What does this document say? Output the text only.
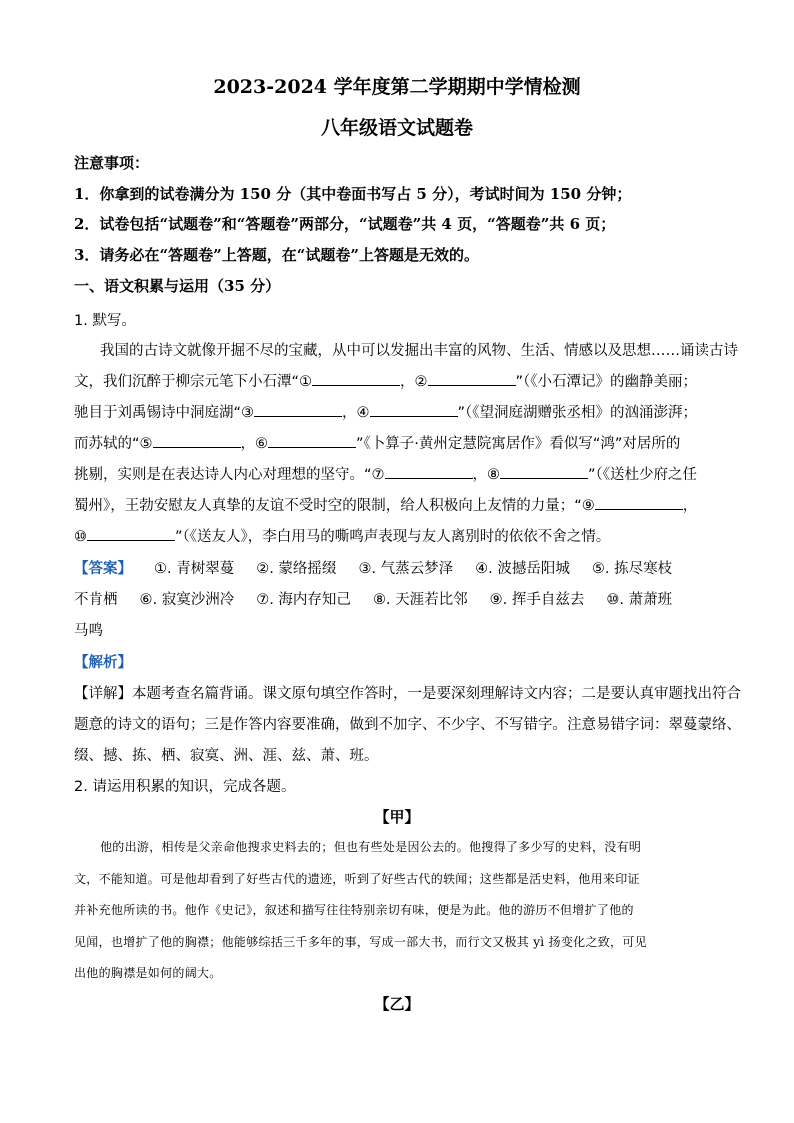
2023-2024 学年度第二学期期中学情检测
八年级语文试题卷
注意事项：
1．你拿到的试卷满分为 150 分（其中卷面书写占 5 分），考试时间为 150 分钟；
2．试卷包括“试题卷”和“答题卷”两部分，“试题卷”共 4 页，“答题卷”共 6 页；
3．请务必在“答题卷”上答题，在“试题卷”上答题是无效的。
一、语文积累与运用（35 分）
1. 默写。
我国的古诗文就像开掘不尽的宝藏，从中可以发掘出丰富的风物、生活、情感以及思想……诵读古诗
文，我们沉醉于柳宗元笔下小石潭“①	，②	”（《小石潭记》的幽静美丽；
驰目于刘禹锡诗中洞庭湖“③	，④	”（《望洞庭湖赠张丞相》的汹涌澎湃；
而苏轼的“⑤	，⑥	”《卜算子·黄州定慧院寓居作》看似写“鸿”对居所的
挑剔，实则是在表达诗人内心对理想的坚守。“⑦	，⑧	”（《送杜少府之任
蜀州》，王勃安慰友人真挚的友谊不受时空的限制，给人积极向上友情的力量；“⑨	，
⑩	”（《送友人》，李白用马的嘶鸣声表现与友人离别时的依依不舍之情。
【答案】 ①. 青树翠蔓 ②. 蒙络摇缀 ③. 气蒸云梦泽 ④. 波撼岳阳城 ⑤. 拣尽寒枝
不肯栖 ⑥. 寂寞沙洲冷 ⑦. 海内存知己 ⑧. 天涯若比邻 ⑨. 挥手自兹去 ⑩. 萧萧班
马鸣
【解析】
【详解】本题考查名篇背诵。课文原句填空作答时，一是要深刻理解诗文内容；二是要认真审题找出符合
题意的诗文的语句；三是作答内容要准确，做到不加字、不少字、不写错字。注意易错字词：翠蔓蒙络、
缀、撼、拣、栖、寂寞、洲、涯、兹、萧、班。
2. 请运用积累的知识，完成各题。
【甲】
他的出游，相传是父亲命他搜求史料去的；但也有些处是因公去的。他搜得了多少写的史料，没有明
文，不能知道。可是他却看到了好些古代的遗迹，听到了好些古代的轶闻；这些都是活史料，他用来印证
并补充他所读的书。他作《史记》，叙述和描写往往特别亲切有味，便是为此。他的游历不但增扩了他的
见闻，也增扩了他的胸襟；他能够综括三千多年的事，写成一部大书，而行文又极其 yì 扬变化之致，可见
出他的胸襟是如何的阔大。
【乙】
